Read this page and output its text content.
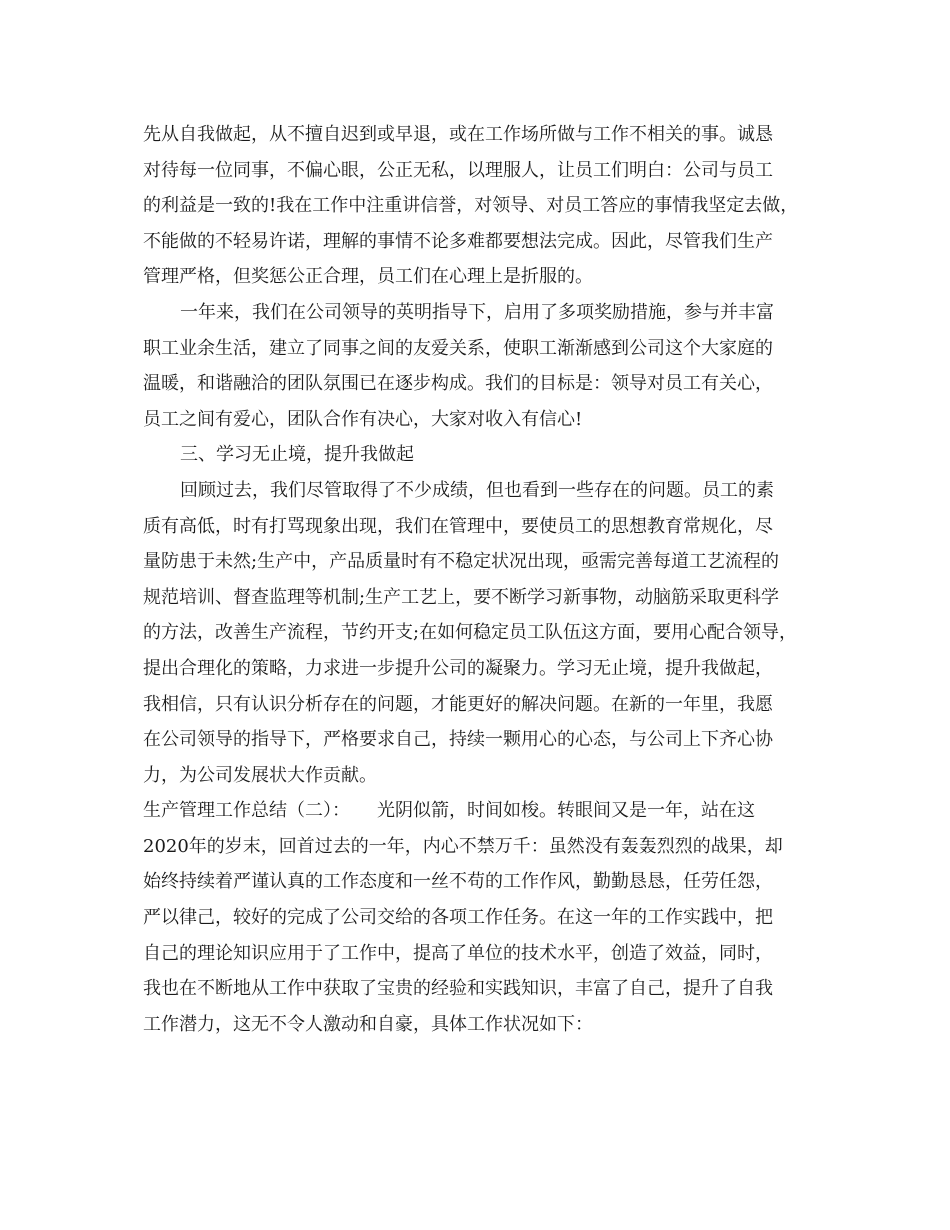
先从自我做起，从不擅自迟到或早退，或在工作场所做与工作不相关的事。诚恳
对待每一位同事，不偏心眼，公正无私，以理服人，让员工们明白：公司与员工
的利益是一致的!我在工作中注重讲信誉，对领导、对员工答应的事情我坚定去做，
不能做的不轻易许诺，理解的事情不论多难都要想法完成。因此，尽管我们生产
管理严格，但奖惩公正合理，员工们在心理上是折服的。
一年来，我们在公司领导的英明指导下，启用了多项奖励措施，参与并丰富
职工业余生活，建立了同事之间的友爱关系，使职工渐渐感到公司这个大家庭的
温暖，和谐融洽的团队氛围已在逐步构成。我们的目标是：领导对员工有关心，
员工之间有爱心，团队合作有决心，大家对收入有信心!
三、学习无止境，提升我做起
回顾过去，我们尽管取得了不少成绩，但也看到一些存在的问题。员工的素
质有高低，时有打骂现象出现，我们在管理中，要使员工的思想教育常规化，尽
量防患于未然;生产中，产品质量时有不稳定状况出现，亟需完善每道工艺流程的
规范培训、督查监理等机制;生产工艺上，要不断学习新事物，动脑筋采取更科学
的方法，改善生产流程，节约开支;在如何稳定员工队伍这方面，要用心配合领导，
提出合理化的策略，力求进一步提升公司的凝聚力。学习无止境，提升我做起，
我相信，只有认识分析存在的问题，才能更好的解决问题。在新的一年里，我愿
在公司领导的指导下，严格要求自己，持续一颗用心的心态，与公司上下齐心协
力，为公司发展状大作贡献。
生产管理工作总结（二）：　　光阴似箭，时间如梭。转眼间又是一年，站在这
2020年的岁末，回首过去的一年，内心不禁万千：虽然没有轰轰烈烈的战果，却
始终持续着严谨认真的工作态度和一丝不苟的工作作风，勤勤恳恳，任劳任怨，
严以律己，较好的完成了公司交给的各项工作任务。在这一年的工作实践中，把
自己的理论知识应用于了工作中，提高了单位的技术水平，创造了效益，同时，
我也在不断地从工作中获取了宝贵的经验和实践知识，丰富了自己，提升了自我
工作潜力，这无不令人激动和自豪，具体工作状况如下：
